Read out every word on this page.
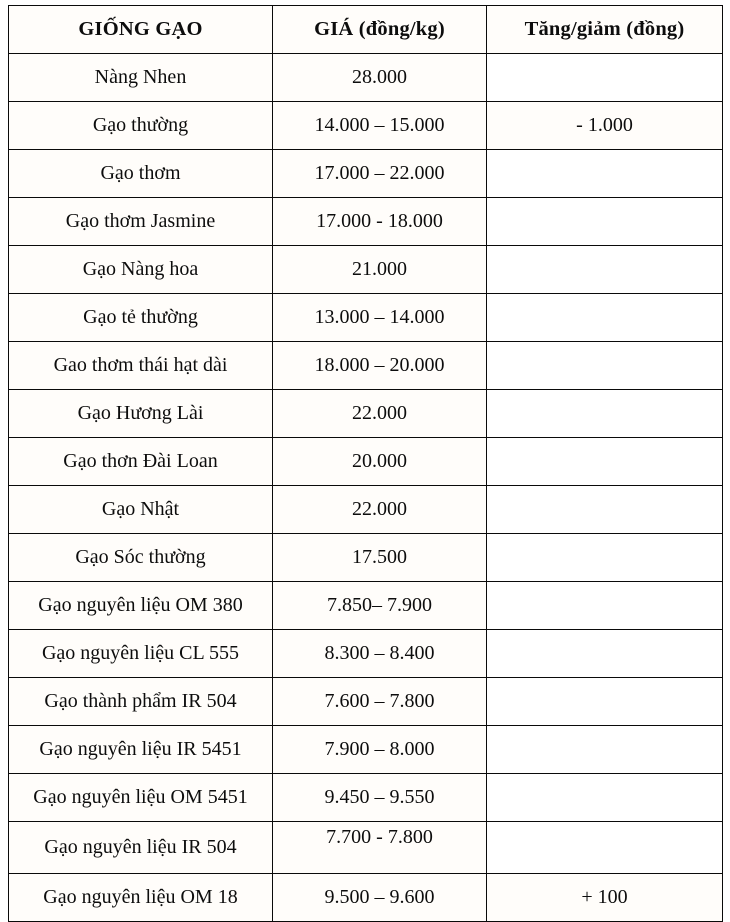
GIỐNG GẠO	GIÁ (đồng/kg)	Tăng/giảm (đồng)
Nàng Nhen	28.000	
Gạo thường	14.000 – 15.000	- 1.000
Gạo thơm	17.000 – 22.000	
Gạo thơm Jasmine	17.000 - 18.000	
Gạo Nàng hoa	21.000	
Gạo tẻ thường	13.000 – 14.000	
Gao thơm thái hạt dài	18.000 – 20.000	
Gạo Hương Lài	22.000	
Gạo thơn Đài Loan	20.000	
Gạo Nhật	22.000	
Gạo Sóc thường	17.500	
Gạo nguyên liệu OM 380	7.850– 7.900	
Gạo nguyên liệu CL 555	8.300 – 8.400	
Gạo thành phẩm IR 504	7.600 – 7.800	
Gạo nguyên liệu IR 5451	7.900 – 8.000	
Gạo nguyên liệu OM 5451	9.450 – 9.550	
Gạo nguyên liệu IR 504	7.700 - 7.800	
Gạo nguyên liệu OM 18	9.500 – 9.600	+ 100
